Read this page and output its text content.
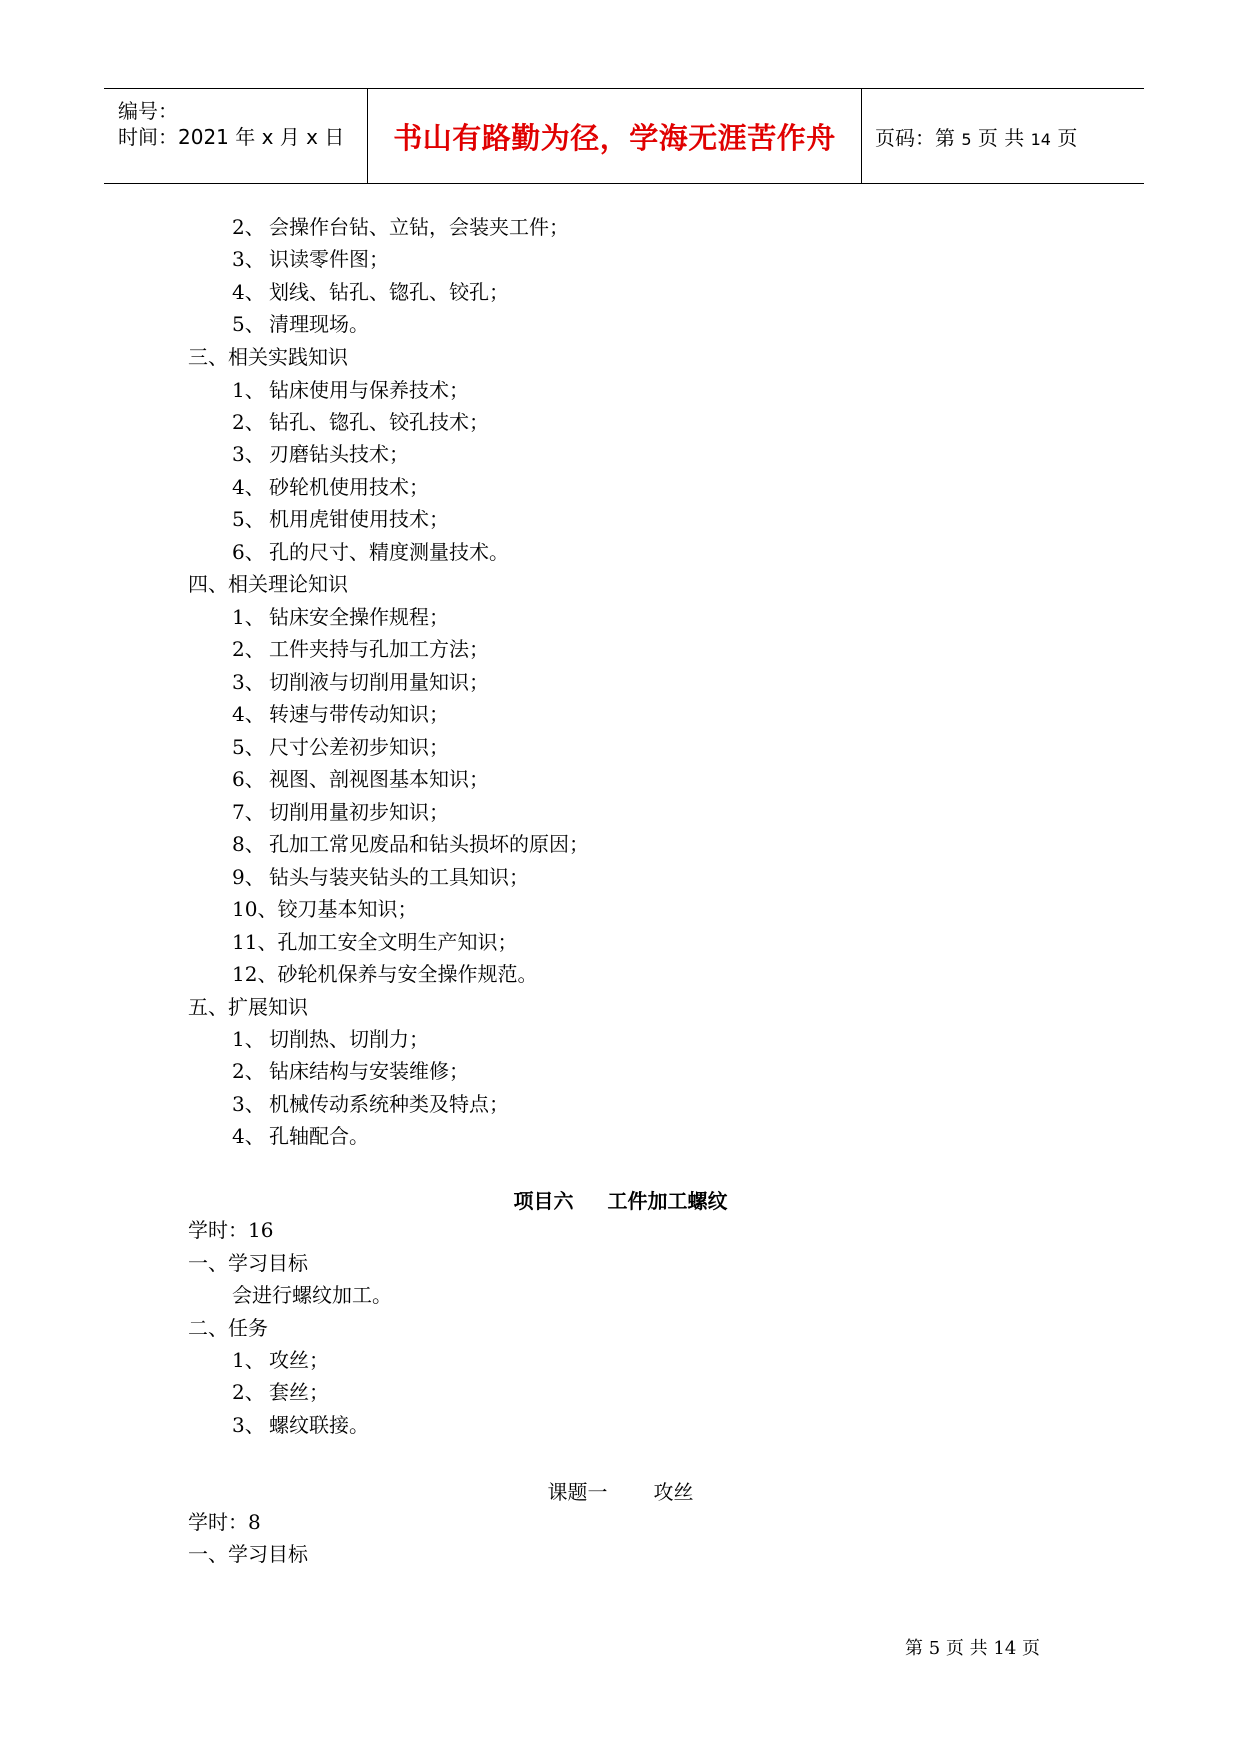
编号：
时间：2021 年 x 月 x 日 书山有路勤为径，学海无涯苦作舟	页码：第 5 页 共 14 页
2、 会操作台钻、立钻，会装夹工件；
3、 识读零件图；
4、 划线、钻孔、锪孔、铰孔；
5、 清理现场。
三、相关实践知识
1、 钻床使用与保养技术；
2、 钻孔、锪孔、铰孔技术；
3、 刃磨钻头技术；
4、 砂轮机使用技术；
5、 机用虎钳使用技术；
6、 孔的尺寸、精度测量技术。
四、相关理论知识
1、 钻床安全操作规程；
2、 工件夹持与孔加工方法；
3、 切削液与切削用量知识；
4、 转速与带传动知识；
5、 尺寸公差初步知识；
6、 视图、剖视图基本知识；
7、 切削用量初步知识；
8、 孔加工常见废品和钻头损坏的原因；
9、 钻头与装夹钻头的工具知识；
10、铰刀基本知识；
11、孔加工安全文明生产知识；
12、砂轮机保养与安全操作规范。
五、扩展知识
1、 切削热、切削力；
2、 钻床结构与安装维修；
3、 机械传动系统种类及特点；
4、 孔轴配合。
项目六 工件加工螺纹
学时：16
一、学习目标
会进行螺纹加工。
二、任务
1、 攻丝；
2、 套丝；
3、 螺纹联接。
课题一 攻丝
学时：8
一、学习目标
第 5 页 共 14 页
